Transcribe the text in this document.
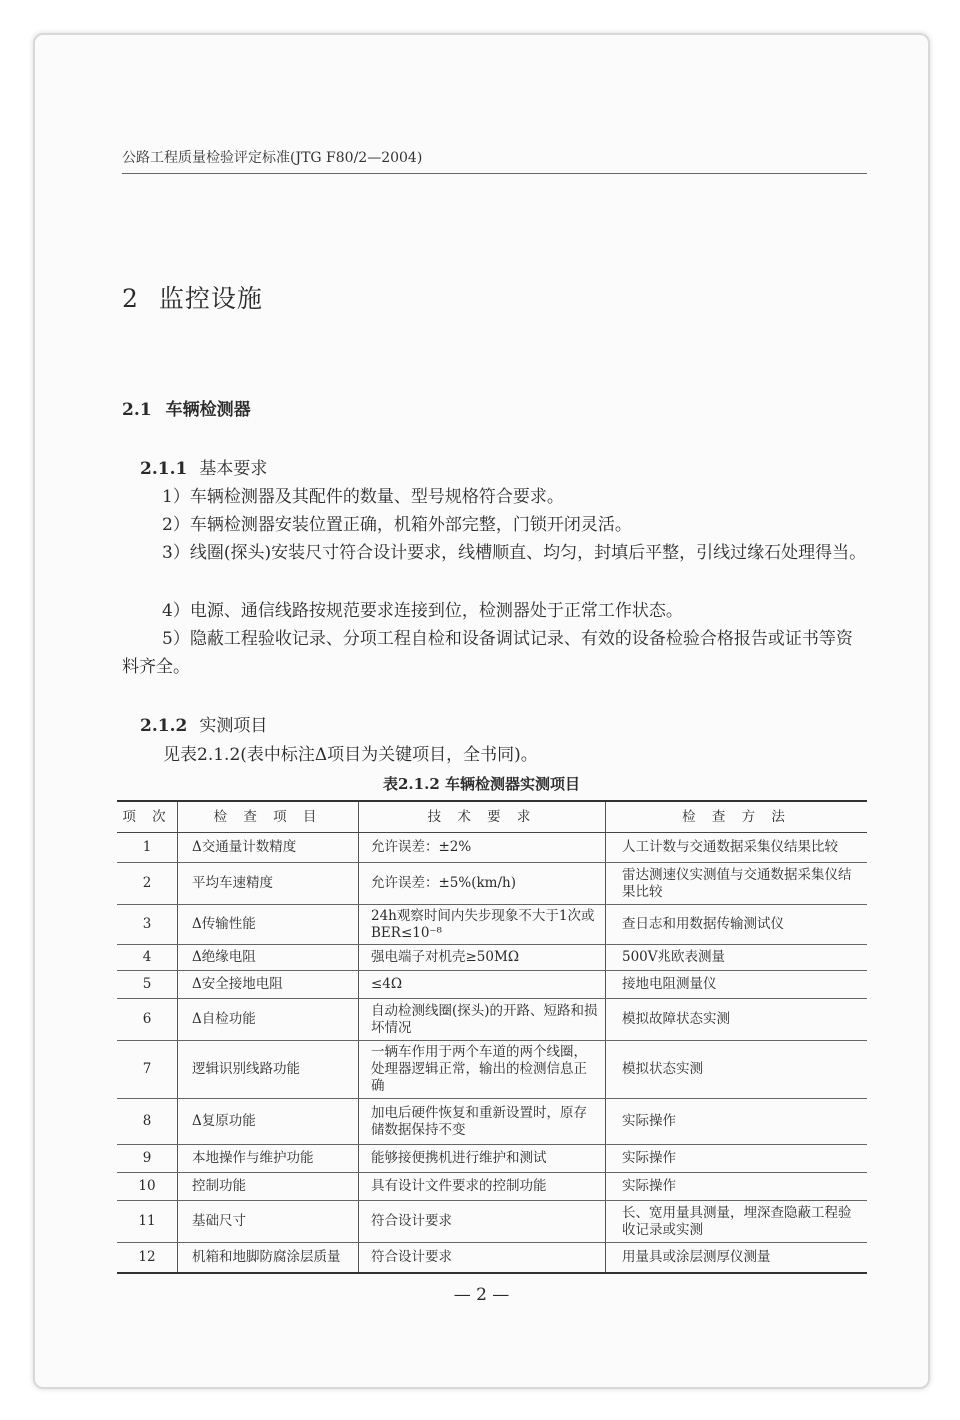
公路工程质量检验评定标准(JTG F80/2—2004)
2 监控设施
2.1 车辆检测器
2.1.1 基本要求
1）车辆检测器及其配件的数量、型号规格符合要求。
2）车辆检测器安装位置正确，机箱外部完整，门锁开闭灵活。
3）线圈(探头)安装尺寸符合设计要求，线槽顺直、均匀，封填后平整，引线过缘石处理得当。
4）电源、通信线路按规范要求连接到位，检测器处于正常工作状态。
5）隐蔽工程验收记录、分项工程自检和设备调试记录、有效的设备检验合格报告或证书等资料齐全。
2.1.2 实测项目
见表2.1.2(表中标注Δ项目为关键项目，全书同)。
表2.1.2 车辆检测器实测项目
项 次	检 查 项 目	技 术 要 求	检 查 方 法
1	Δ交通量计数精度	允许误差：±2%	人工计数与交通数据采集仪结果比较
2	平均车速精度	允许误差：±5%(km/h)	雷达测速仪实测值与交通数据采集仪结果比较
3	Δ传输性能	24h观察时间内失步现象不大于1次或BER≤10⁻⁸	查日志和用数据传输测试仪
4	Δ绝缘电阻	强电端子对机壳≥50MΩ	500V兆欧表测量
5	Δ安全接地电阻	≤4Ω	接地电阻测量仪
6	Δ自检功能	自动检测线圈(探头)的开路、短路和损坏情况	模拟故障状态实测
7	逻辑识别线路功能	一辆车作用于两个车道的两个线圈，处理器逻辑正常，输出的检测信息正确	模拟状态实测
8	Δ复原功能	加电后硬件恢复和重新设置时，原存储数据保持不变	实际操作
9	本地操作与维护功能	能够接便携机进行维护和测试	实际操作
10	控制功能	具有设计文件要求的控制功能	实际操作
11	基础尺寸	符合设计要求	长、宽用量具测量，埋深查隐蔽工程验收记录或实测
12	机箱和地脚防腐涂层质量	符合设计要求	用量具或涂层测厚仪测量
— 2 —
